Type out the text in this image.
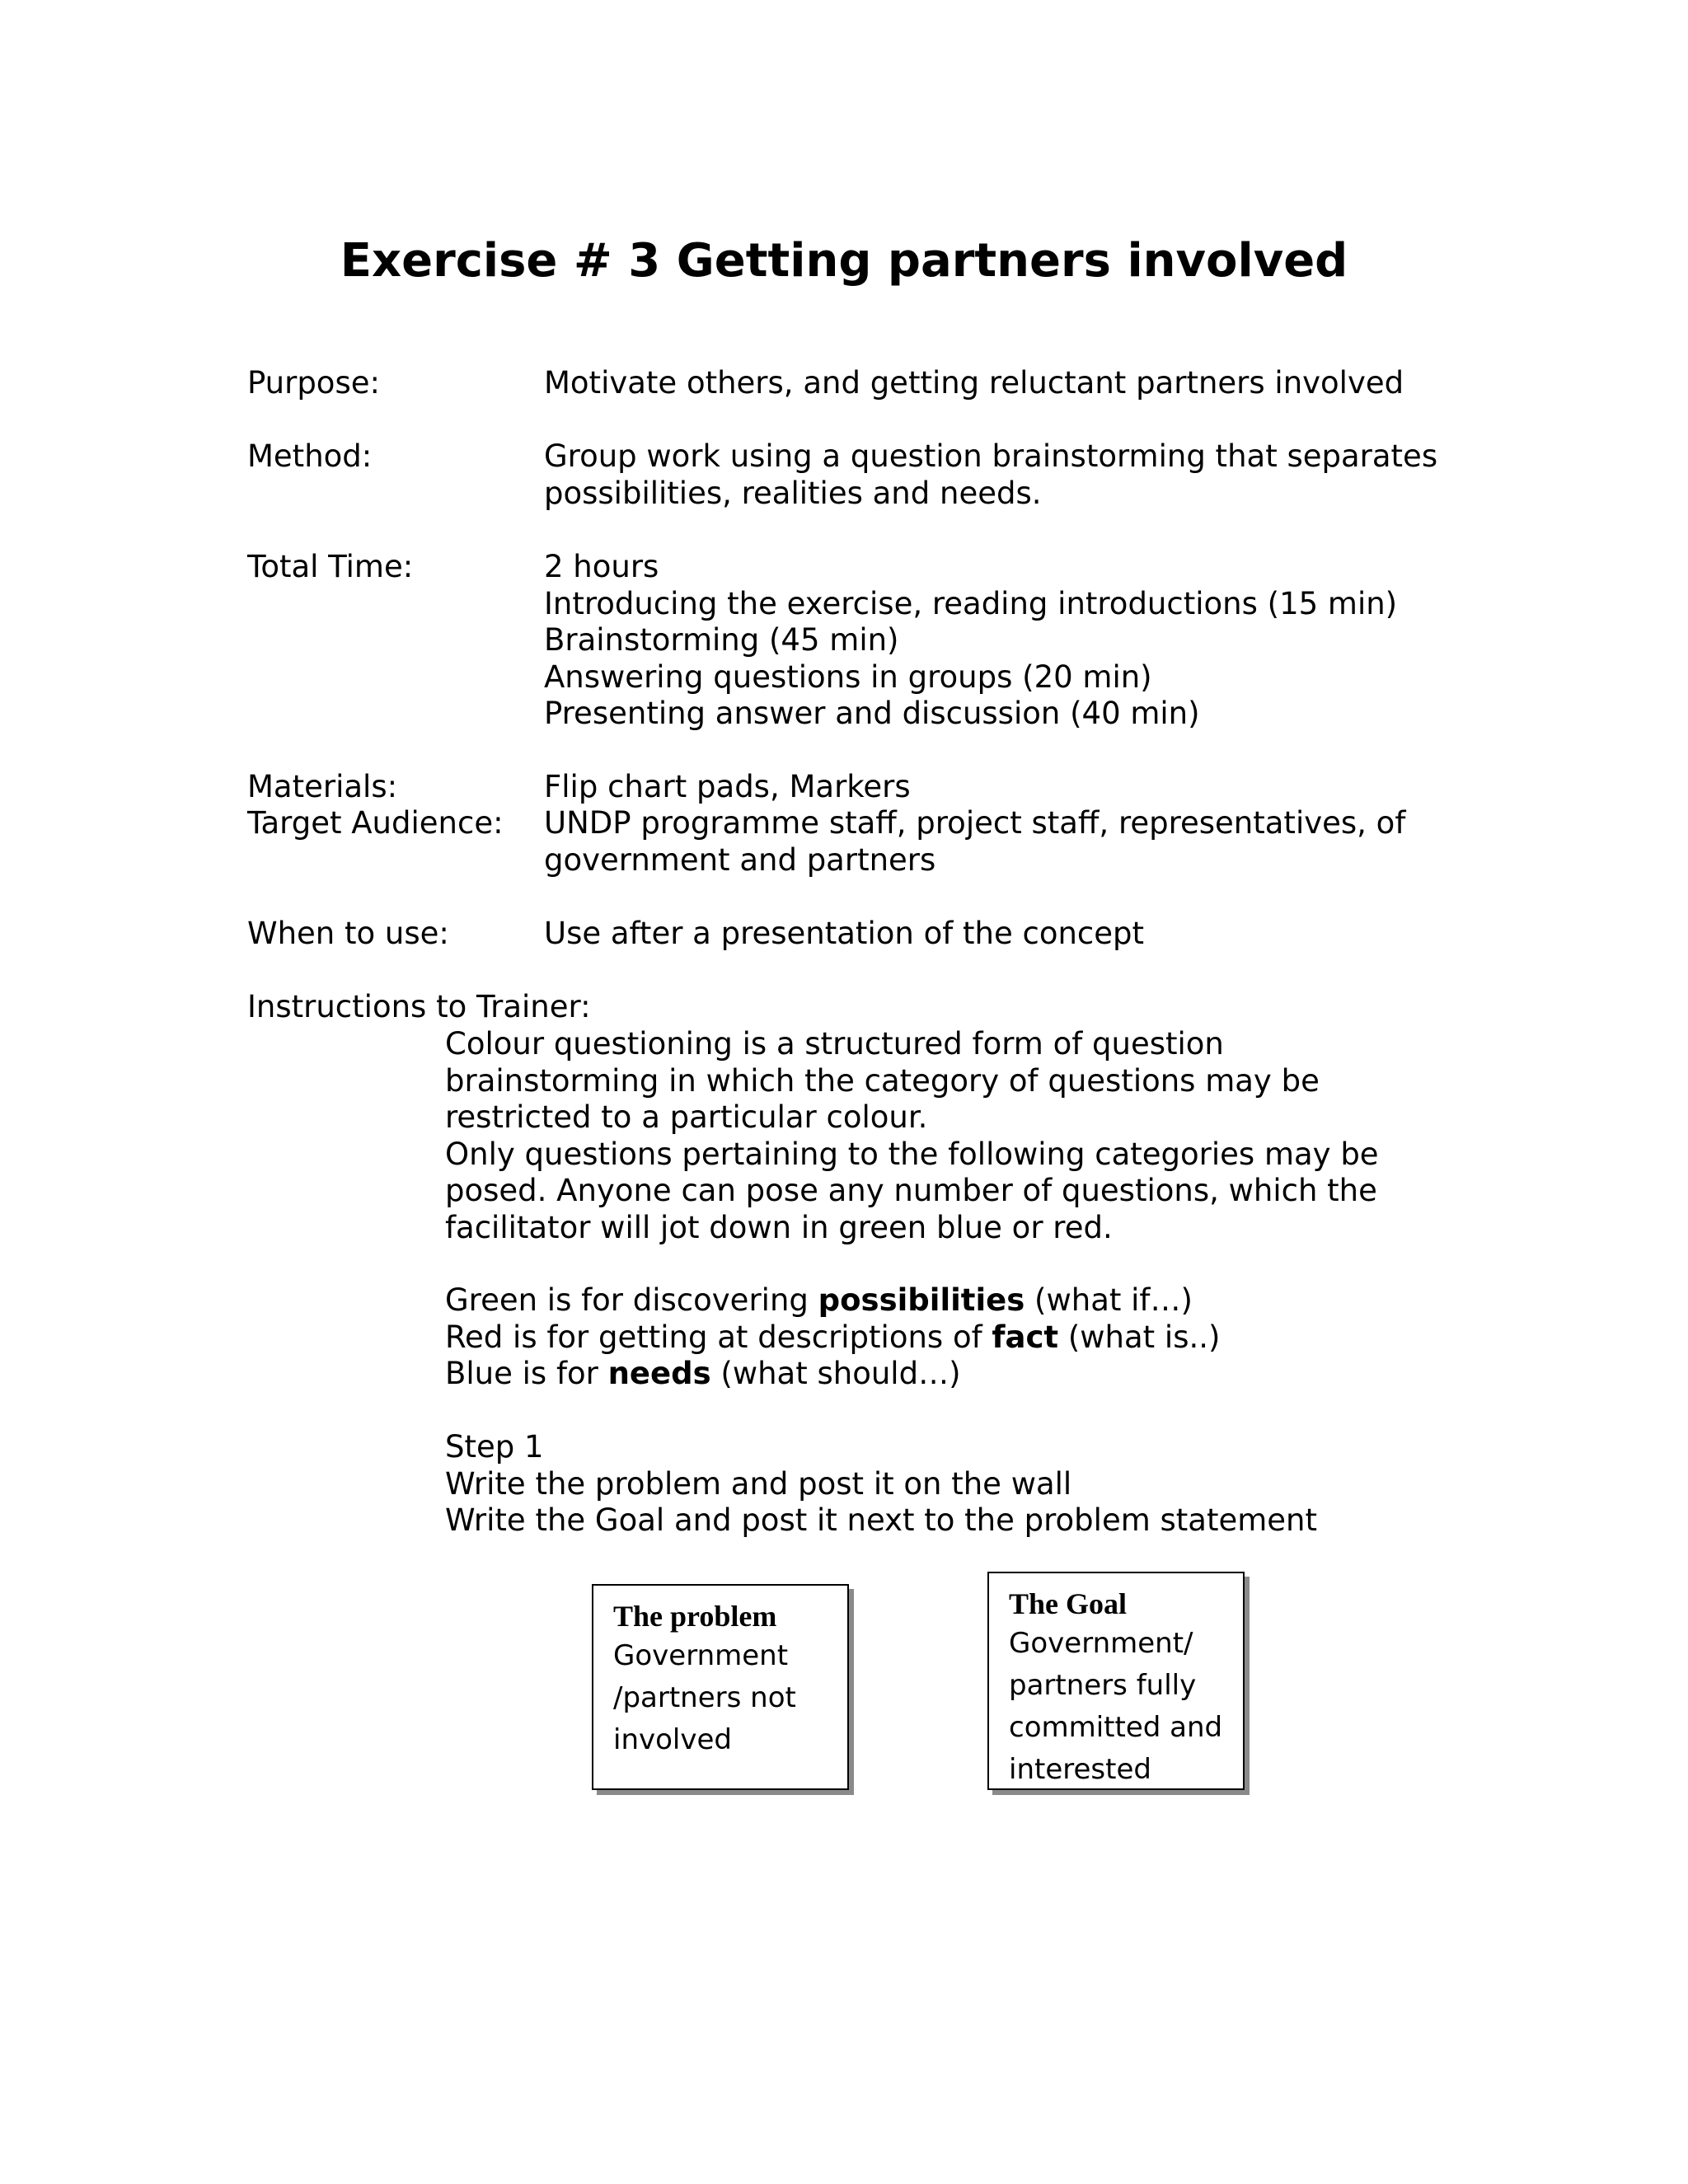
Exercise # 3 Getting partners involved
Purpose:	Motivate others, and getting reluctant partners involved
Method:	Group work using a question brainstorming that separates
possibilities, realities and needs.
Total Time:	2 hours
Introducing the exercise, reading introductions (15 min)
Brainstorming (45 min)
Answering questions in groups (20 min)
Presenting answer and discussion (40 min)
Materials:	Flip chart pads, Markers
Target Audience: UNDP programme staff, project staff, representatives, of
government and partners
When to use:	Use after a presentation of the concept
Instructions to Trainer:
Colour questioning is a structured form of question
brainstorming in which the category of questions may be
restricted to a particular colour.
Only questions pertaining to the following categories may be
posed. Anyone can pose any number of questions, which the
facilitator will jot down in green blue or red.
Green is for discovering possibilities (what if…)
Red is for getting at descriptions of fact (what is..)
Blue is for needs (what should…)
Step 1
Write the problem and post it on the wall
Write the Goal and post it next to the problem statement
The problem
Government
/partners not
involved
The Goal
Government/
partners fully
committed and
interested
